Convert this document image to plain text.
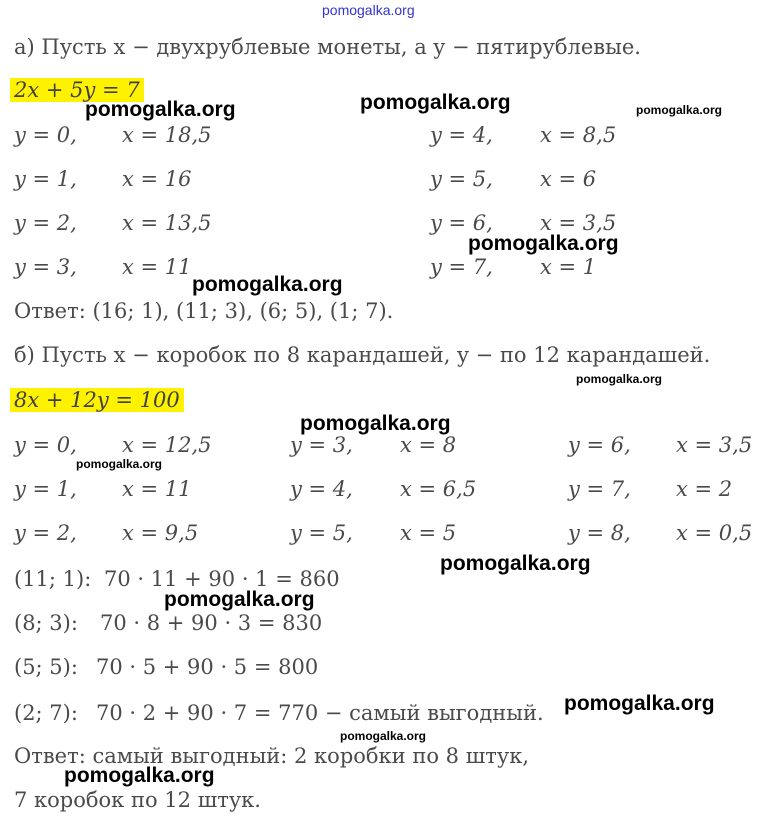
pomogalka.org
а) Пусть x − двухрублевые монеты, а y − пятирублевые.
2x + 5y = 7
y = 0, x = 18,5
y = 1, x = 16
y = 2, x = 13,5
y = 3, x = 11
y = 4, x = 8,5
y = 5, x = 6
y = 6, x = 3,5
y = 7, x = 1
Ответ: (16; 1), (11; 3), (6; 5), (1; 7).
б) Пусть x − коробок по 8 карандашей, y − по 12 карандашей.
8x + 12y = 100
y = 0, x = 12,5
y = 1, x = 11
y = 2, x = 9,5
y = 3, x = 8
y = 4, x = 6,5
y = 5, x = 5
y = 6, x = 3,5
y = 7, x = 2
y = 8, x = 0,5
(11; 1): 70 · 11 + 90 · 1 = 860
(8; 3): 70 · 8 + 90 · 3 = 830
(5; 5): 70 · 5 + 90 · 5 = 800
(2; 7): 70 · 2 + 90 · 7 = 770 − самый выгодный.
Ответ: самый выгодный: 2 коробки по 8 штук,
7 коробок по 12 штук.
pomogalka.org	pomogalka.org	pomogalka.org
pomogalka.org
pomogalka.org
pomogalka.org
pomogalka.org
pomogalka.org
pomogalka.org
pomogalka.org
pomogalka.org
pomogalka.org
pomogalka.org
